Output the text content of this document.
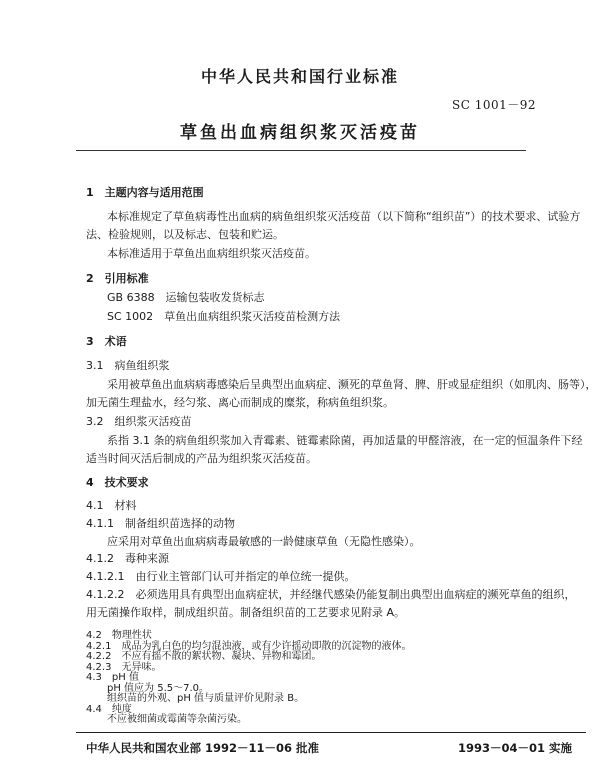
中华人民共和国行业标准
SC 1001－92
草鱼出血病组织浆灭活疫苗
1　主题内容与适用范围
本标准规定了草鱼病毒性出血病的病鱼组织浆灭活疫苗（以下简称“组织苗”）的技术要求、试验方
法、检验规则，以及标志、包装和贮运。
本标准适用于草鱼出血病组织浆灭活疫苗。
2　引用标准
GB 6388　运输包装收发货标志
SC 1002　草鱼出血病组织浆灭活疫苗检测方法
3　术语
3.1　病鱼组织浆
采用被草鱼出血病病毒感染后呈典型出血病症、濒死的草鱼肾、脾、肝或显症组织（如肌肉、肠等），
加无菌生理盐水，经匀浆、离心而制成的糜浆，称病鱼组织浆。
3.2　组织浆灭活疫苗
系指 3.1 条的病鱼组织浆加入青霉素、链霉素除菌，再加适量的甲醛溶液，在一定的恒温条件下经
适当时间灭活后制成的产品为组织浆灭活疫苗。
4　技术要求
4.1　材料
4.1.1　制备组织苗选择的动物
应采用对草鱼出血病病毒最敏感的一龄健康草鱼（无隐性感染）。
4.1.2　毒种来源
4.1.2.1　由行业主管部门认可并指定的单位统一提供。
4.1.2.2　必须选用具有典型出血病症状，并经继代感染仍能复制出典型出血病症的濒死草鱼的组织，
用无菌操作取样，制成组织苗。制备组织苗的工艺要求见附录 A。
4.2　物理性状
4.2.1　成品为乳白色的均匀混浊液，或有少许摇动即散的沉淀物的液体。
4.2.2　不应有摇不散的絮状物、凝块、异物和霉团。
4.2.3　无异味。
4.3　pH 值
中华人民共和国农业部 1992－11－06 批准	1993－04－01 实施
pH 值应为 5.5～7.0。
组织苗的外观、pH 值与质量评价见附录 B。
4.4　纯度
不应被细菌或霉菌等杂菌污染。
